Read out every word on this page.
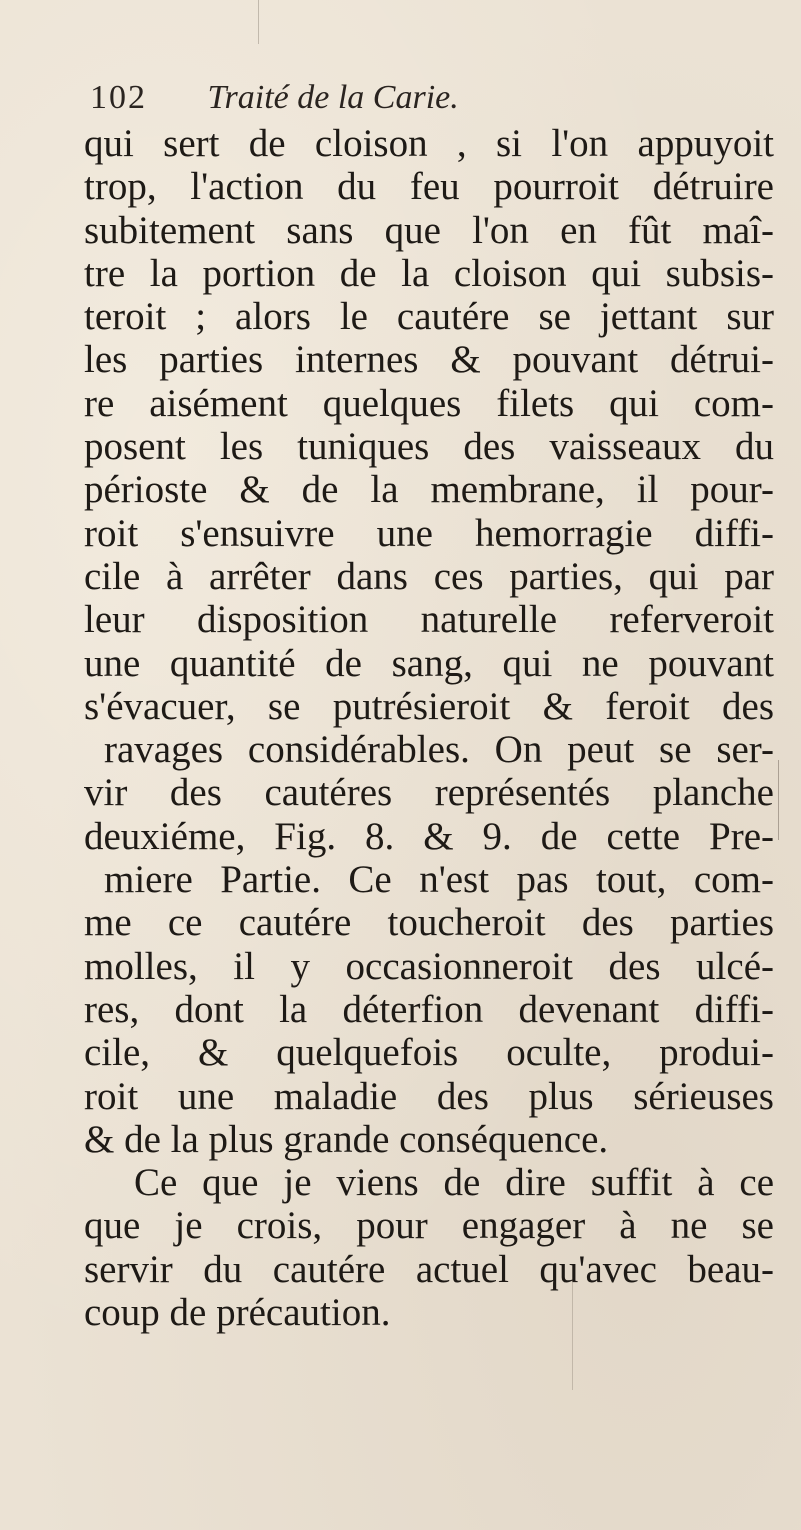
102 Traité de la Carie.
qui sert de cloison , si l'on appuyoit
trop, l'action du feu pourroit détruire
subitement sans que l'on en fût maî-
tre la portion de la cloison qui subsis-
teroit ; alors le cautére se jettant sur
les parties internes & pouvant détrui-
re aisément quelques filets qui com-
posent les tuniques des vaisseaux du
périoste & de la membrane, il pour-
roit s'ensuivre une hemorragie diffi-
cile à arrêter dans ces parties, qui par
leur disposition naturelle referveroit
une quantité de sang, qui ne pouvant
s'évacuer, se putrésieroit & feroit des
ravages considérables. On peut se ser-
vir des cautéres représentés planche
deuxiéme, Fig. 8. & 9. de cette Pre-
miere Partie. Ce n'est pas tout, com-
me ce cautére toucheroit des parties
molles, il y occasionneroit des ulcé-
res, dont la déterfion devenant diffi-
cile, & quelquefois oculte, produi-
roit une maladie des plus sérieuses
& de la plus grande conséquence.
Ce que je viens de dire suffit à ce
que je crois, pour engager à ne se
servir du cautére actuel qu'avec beau-
coup de précaution.
